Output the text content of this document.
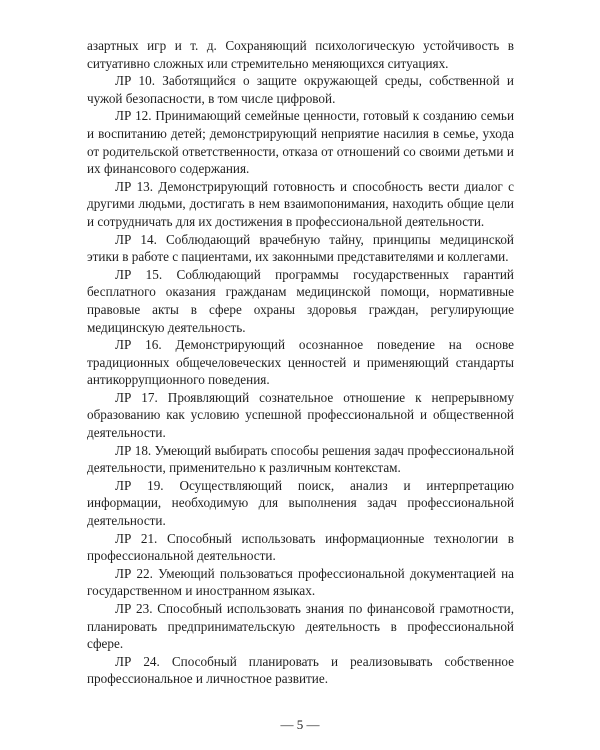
азартных игр и т. д. Сохраняющий психологическую устойчивость в ситуативно сложных или стремительно меняющихся ситуациях.

ЛР 10. Заботящийся о защите окружающей среды, собственной и чужой безопасности, в том числе цифровой.

ЛР 12. Принимающий семейные ценности, готовый к созданию семьи и воспитанию детей; демонстрирующий неприятие насилия в семье, ухода от родительской ответственности, отказа от отношений со своими детьми и их финансового содержания.

ЛР 13. Демонстрирующий готовность и способность вести диалог с другими людьми, достигать в нем взаимопонимания, находить общие цели и сотрудничать для их достижения в профессиональной деятельности.

ЛР 14. Соблюдающий врачебную тайну, принципы медицинской этики в работе с пациентами, их законными представителями и коллегами.

ЛР 15. Соблюдающий программы государственных гарантий бесплатного оказания гражданам медицинской помощи, нормативные правовые акты в сфере охраны здоровья граждан, регулирующие медицинскую деятельность.

ЛР 16. Демонстрирующий осознанное поведение на основе традиционных общечеловеческих ценностей и применяющий стандарты антикоррупционного поведения.

ЛР 17. Проявляющий сознательное отношение к непрерывному образованию как условию успешной профессиональной и общественной деятельности.

ЛР 18. Умеющий выбирать способы решения задач профессиональной деятельности, применительно к различным контекстам.

ЛР 19. Осуществляющий поиск, анализ и интерпретацию информации, необходимую для выполнения задач профессиональной деятельности.

ЛР 21. Способный использовать информационные технологии в профессиональной деятельности.

ЛР 22. Умеющий пользоваться профессиональной документацией на государственном и иностранном языках.

ЛР 23. Способный использовать знания по финансовой грамотности, планировать предпринимательскую деятельность в профессиональной сфере.

ЛР 24. Способный планировать и реализовывать собственное профессиональное и личностное развитие.

— 5 —
